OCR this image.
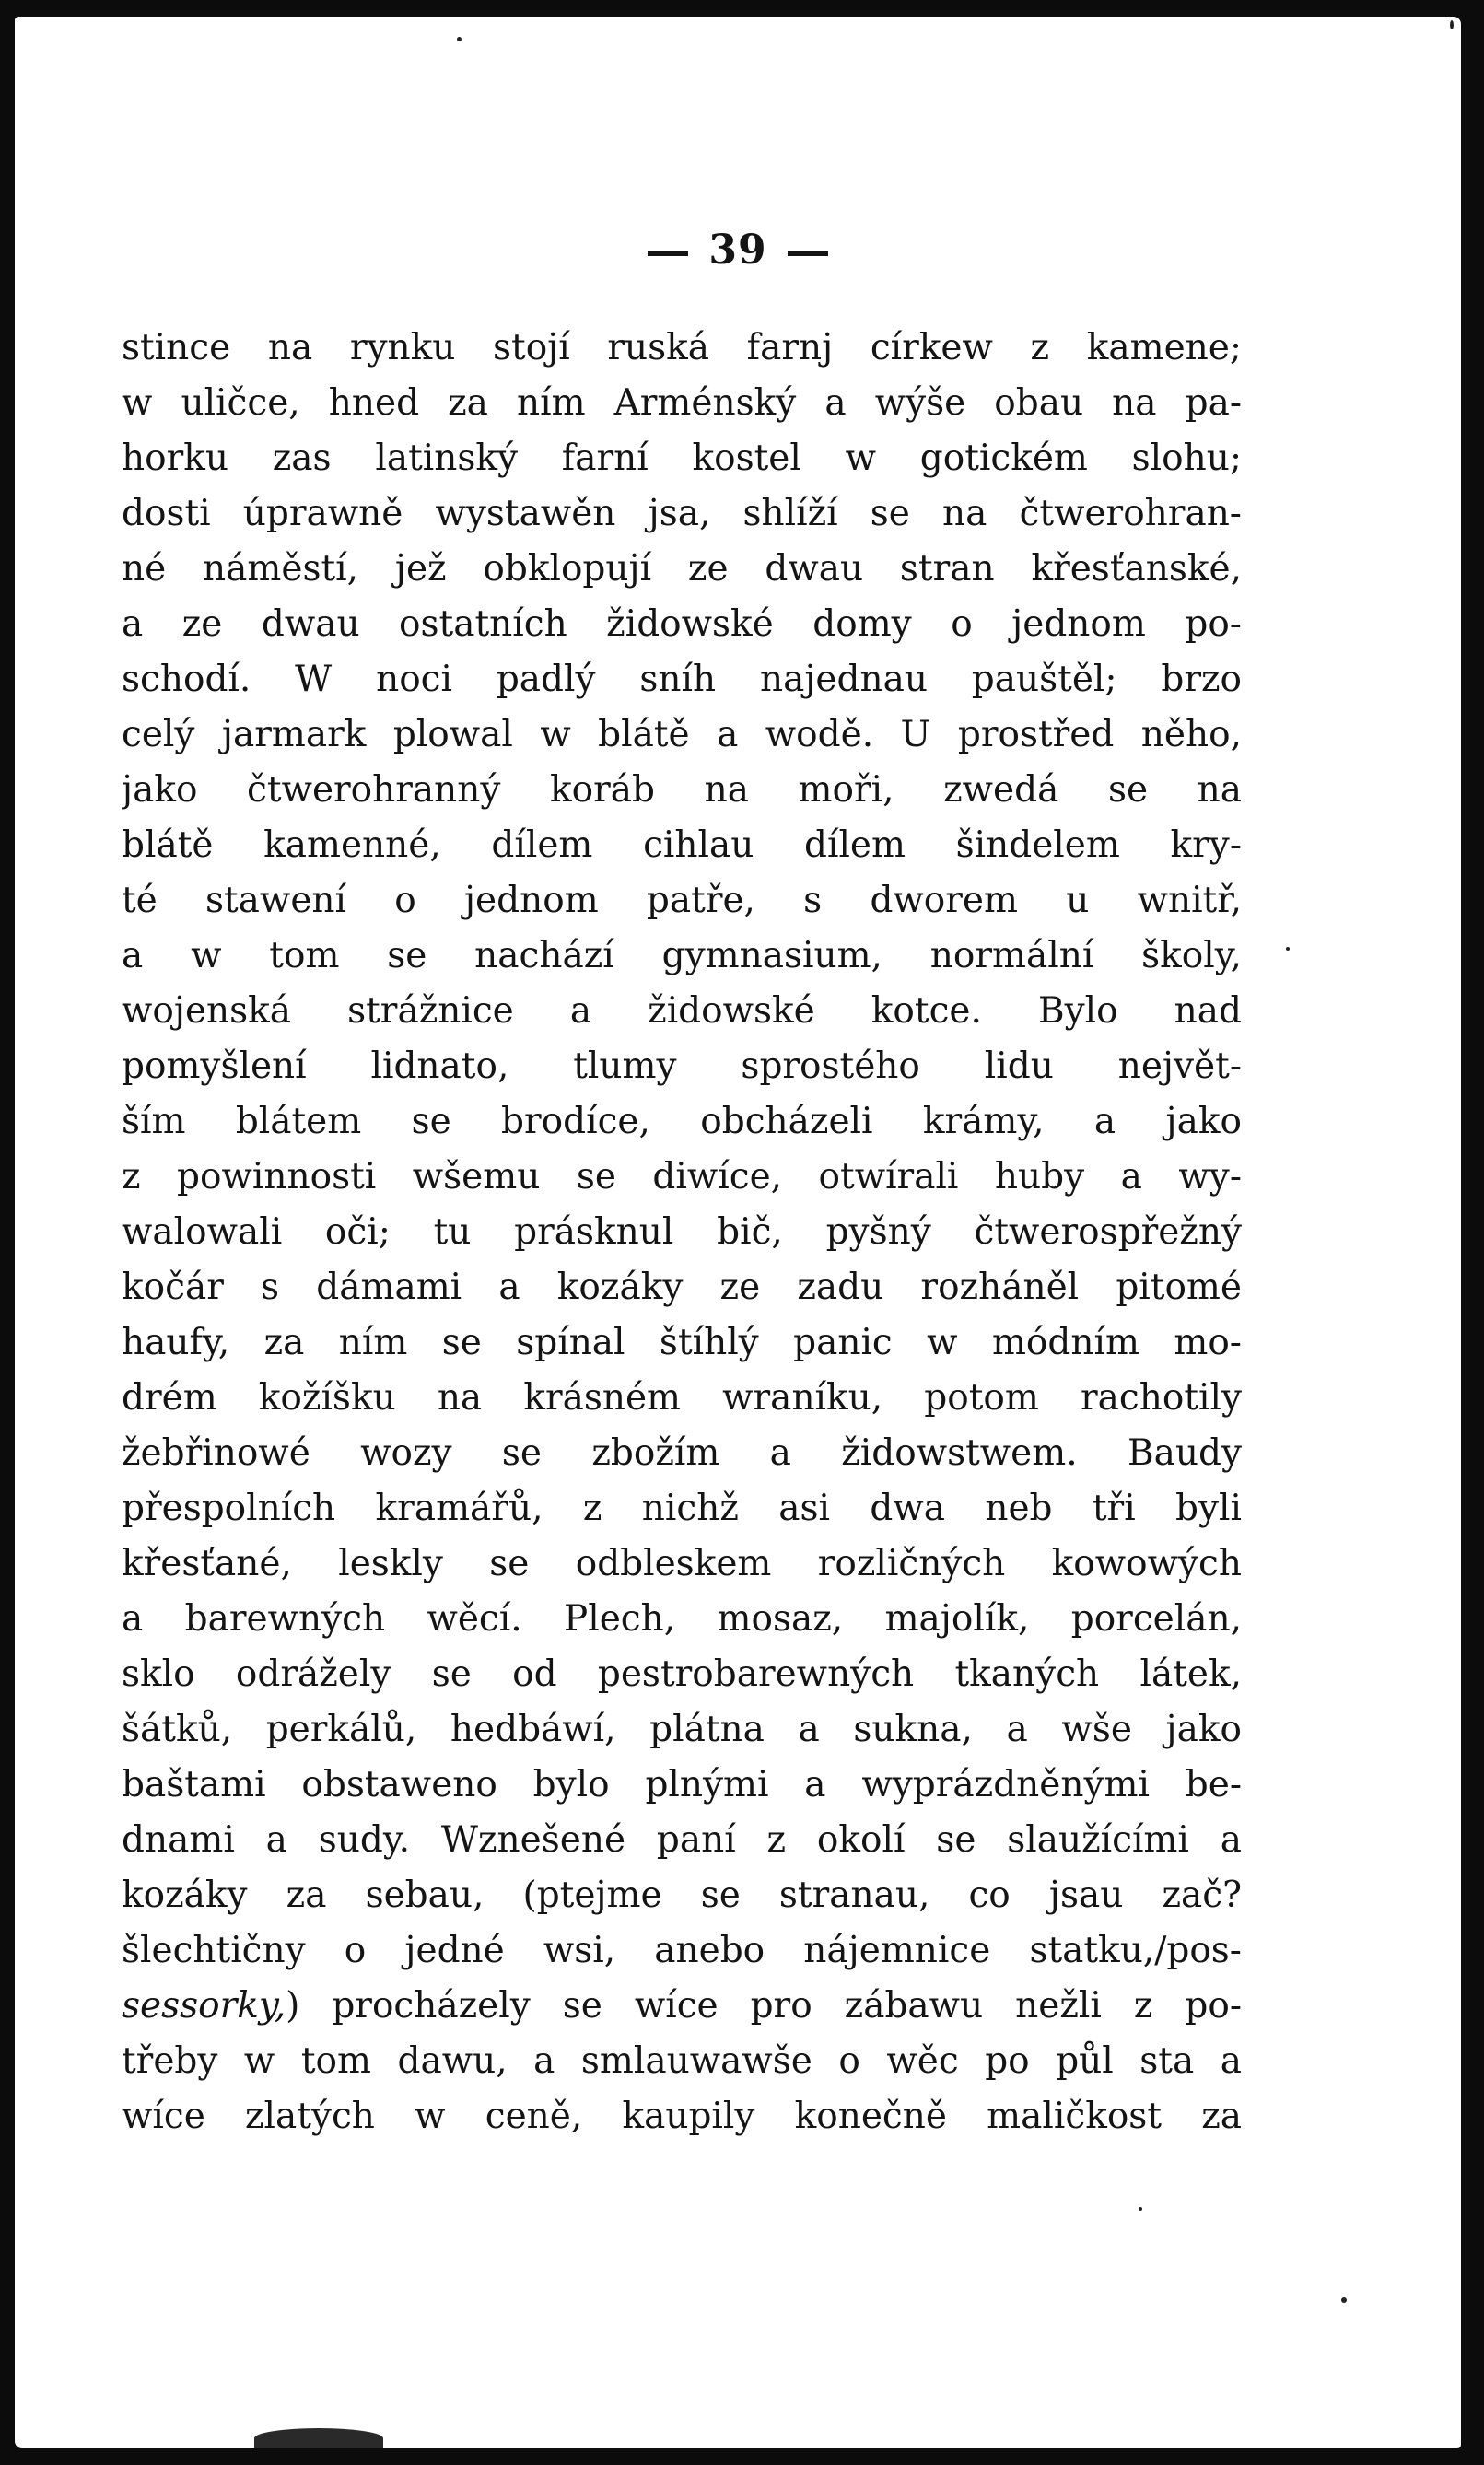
39
stince na rynku stojí ruská farnj církew z kamene;
w uličce, hned za ním Arménský a wýše obau na pa-
horku zas latinský farní kostel w gotickém slohu;
dosti úprawně wystawěn jsa, shlíží se na čtwerohran-
né náměstí, jež obklopují ze dwau stran křesťanské,
a ze dwau ostatních židowské domy o jednom po-
schodí. W noci padlý sníh najednau pauštěl; brzo
celý jarmark plowal w blátě a wodě. U prostřed něho,
jako čtwerohranný koráb na moři, zwedá se na
blátě kamenné, dílem cihlau dílem šindelem kry-
té stawení o jednom patře, s dworem u wnitř,
a w tom se nachází gymnasium, normální školy,
wojenská strážnice a židowské kotce. Bylo nad
pomyšlení lidnato, tlumy sprostého lidu největ-
ším blátem se brodíce, obcházeli krámy, a jako
z powinnosti wšemu se diwíce, otwírali huby a wy-
walowali oči; tu prásknul bič, pyšný čtwerospřežný
kočár s dámami a kozáky ze zadu rozháněl pitomé
haufy, za ním se spínal štíhlý panic w módním mo-
drém kožíšku na krásném wraníku, potom rachotily
žebřinowé wozy se zbožím a židowstwem. Baudy
přespolních kramářů, z nichž asi dwa neb tři byli
křesťané, leskly se odbleskem rozličných kowowých
a barewných wěcí. Plech, mosaz, majolík, porcelán,
sklo odrážely se od pestrobarewných tkaných látek,
šátků, perkálů, hedbáwí, plátna a sukna, a wše jako
baštami obstaweno bylo plnými a wyprázdněnými be-
dnami a sudy. Wznešené paní z okolí se slaužícími a
kozáky za sebau, (ptejme se stranau, co jsau zač?
šlechtičny o jedné wsi, anebo nájemnice statku,/pos-
sessorky,) procházely se wíce pro zábawu nežli z po-
třeby w tom dawu, a smlauwawše o wěc po půl sta a
wíce zlatých w ceně, kaupily konečně maličkost za
